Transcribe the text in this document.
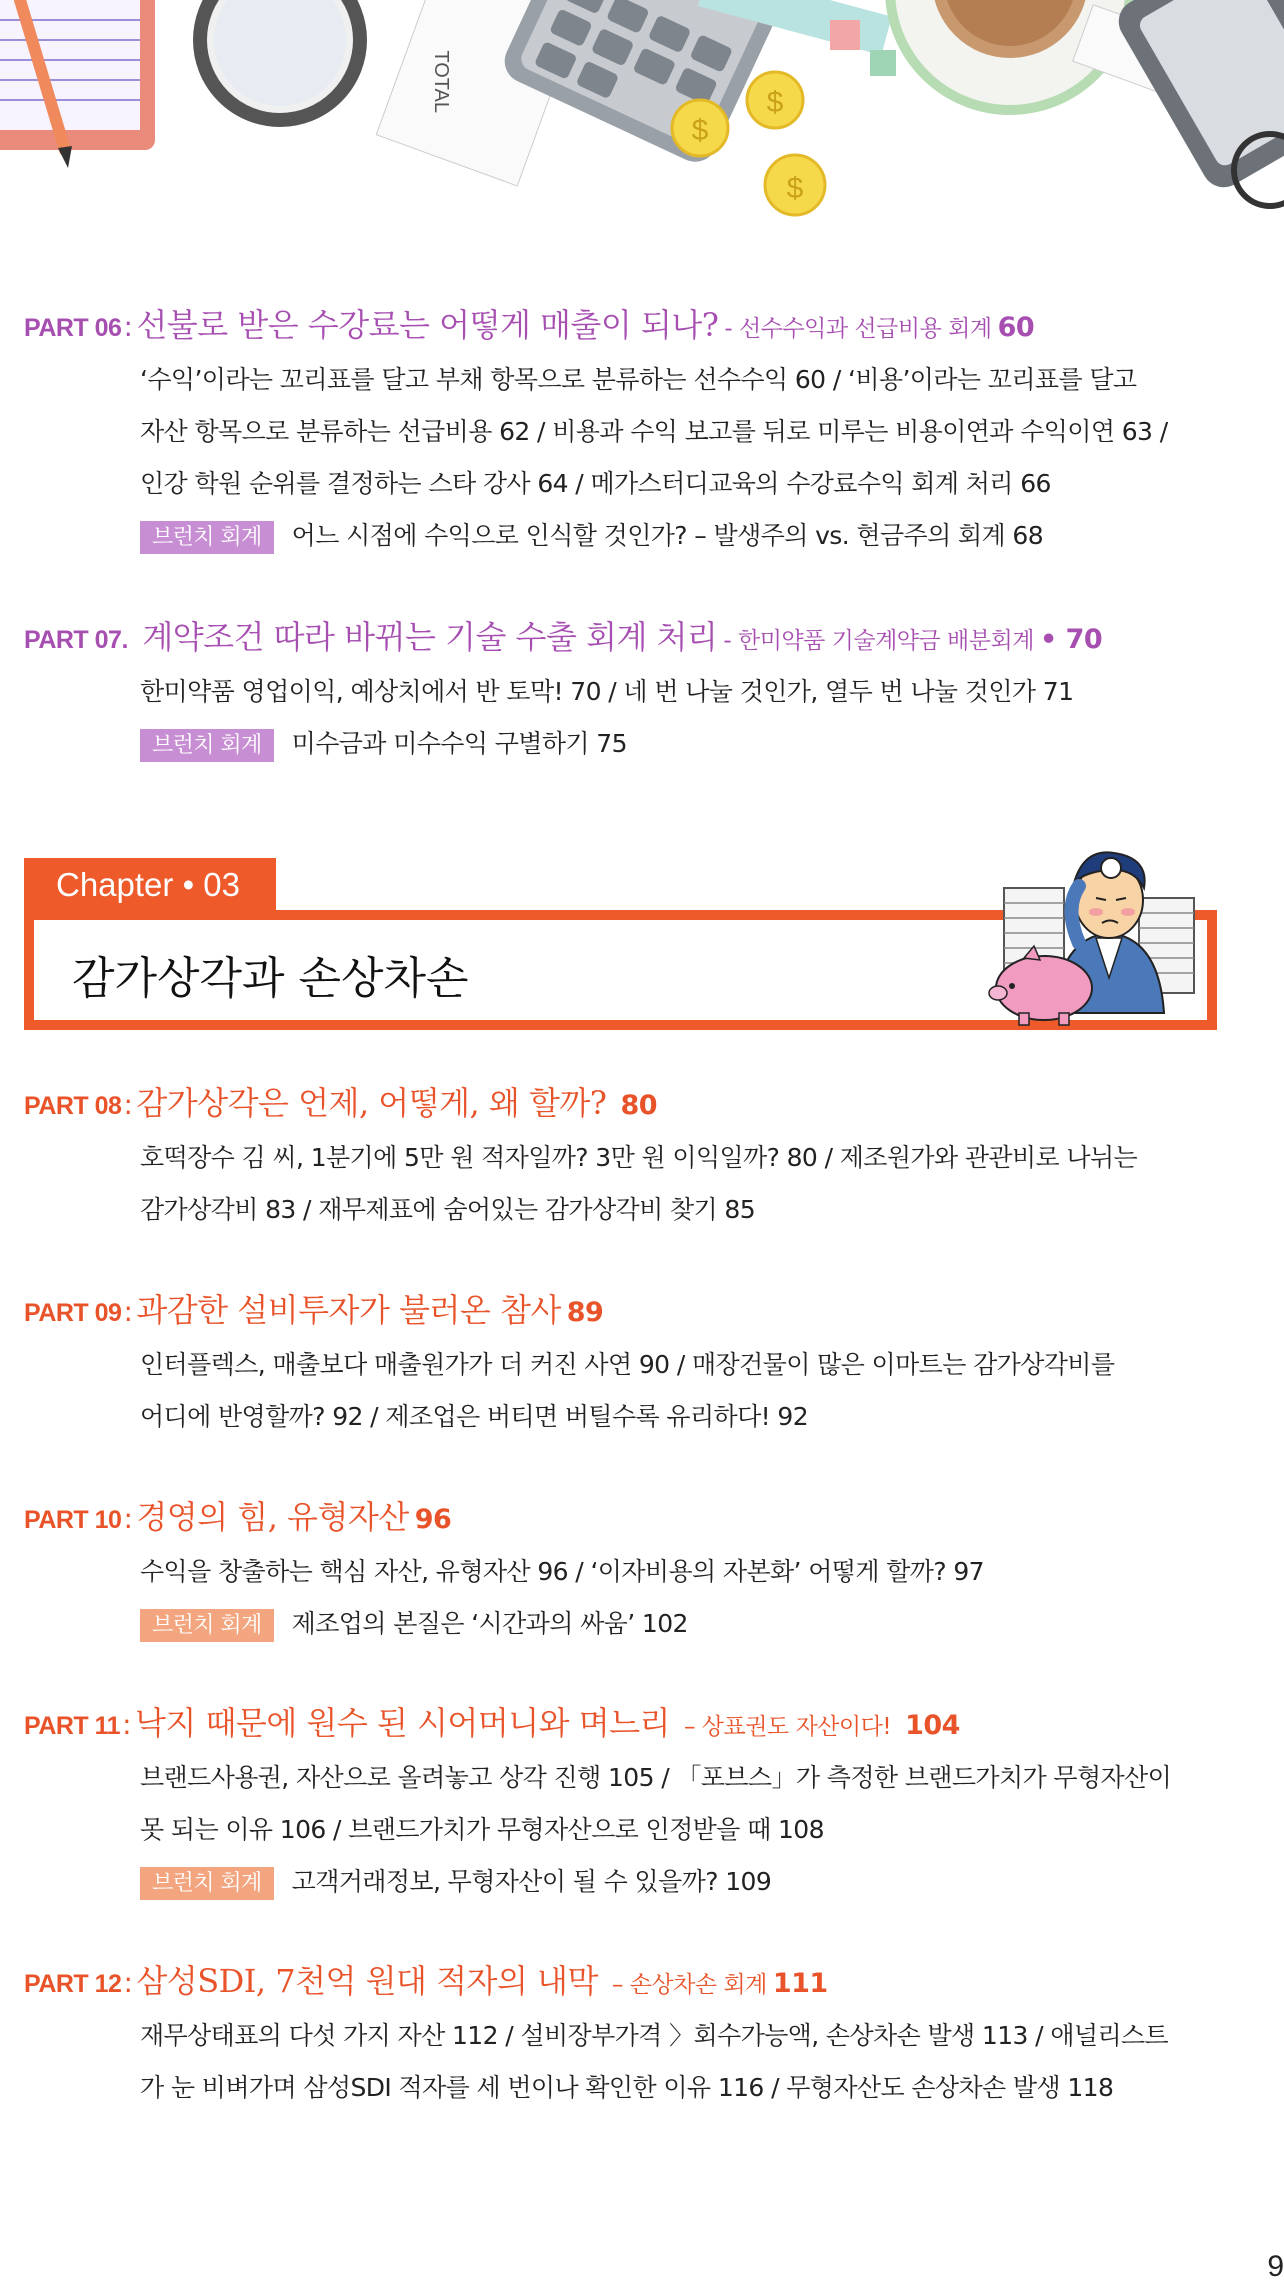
TOTAL
$
$
$
PART 06: 선불로 받은 수강료는 어떻게 매출이 되나? - 선수수익과 선급비용 회계 60
‘수익’이라는 꼬리표를 달고 부채 항목으로 분류하는 선수수익 60 / ‘비용’이라는 꼬리표를 달고
자산 항목으로 분류하는 선급비용 62 / 비용과 수익 보고를 뒤로 미루는 비용이연과 수익이연 63 /
인강 학원 순위를 결정하는 스타 강사 64 / 메가스터디교육의 수강료수익 회계 처리 66
브런치 회계 어느 시점에 수익으로 인식할 것인가? – 발생주의 vs. 현금주의 회계 68
PART 07. 계약조건 따라 바뀌는 기술 수출 회계 처리 - 한미약품 기술계약금 배분회계 • 70
한미약품 영업이익, 예상치에서 반 토막! 70 / 네 번 나눌 것인가, 열두 번 나눌 것인가 71
브런치 회계 미수금과 미수수익 구별하기 75
Chapter • 03
감가상각과 손상차손
PART 08: 감가상각은 언제, 어떻게, 왜 할까? 80
호떡장수 김 씨, 1분기에 5만 원 적자일까? 3만 원 이익일까? 80 / 제조원가와 관관비로 나뉘는
감가상각비 83 / 재무제표에 숨어있는 감가상각비 찾기 85
PART 09: 과감한 설비투자가 불러온 참사 89
인터플렉스, 매출보다 매출원가가 더 커진 사연 90 / 매장건물이 많은 이마트는 감가상각비를
어디에 반영할까? 92 / 제조업은 버티면 버틸수록 유리하다! 92
PART 10: 경영의 힘, 유형자산 96
수익을 창출하는 핵심 자산, 유형자산 96 / ‘이자비용의 자본화’ 어떻게 할까? 97
브런치 회계 제조업의 본질은 ‘시간과의 싸움’ 102
PART 11: 낙지 때문에 원수 된 시어머니와 며느리 – 상표권도 자산이다! 104
브랜드사용권, 자산으로 올려놓고 상각 진행 105 / 「포브스」가 측정한 브랜드가치가 무형자산이
못 되는 이유 106 / 브랜드가치가 무형자산으로 인정받을 때 108
브런치 회계 고객거래정보, 무형자산이 될 수 있을까? 109
PART 12: 삼성SDI, 7천억 원대 적자의 내막 – 손상차손 회계 111
재무상태표의 다섯 가지 자산 112 / 설비장부가격 〉회수가능액, 손상차손 발생 113 / 애널리스트
가 눈 비벼가며 삼성SDI 적자를 세 번이나 확인한 이유 116 / 무형자산도 손상차손 발생 118
9
